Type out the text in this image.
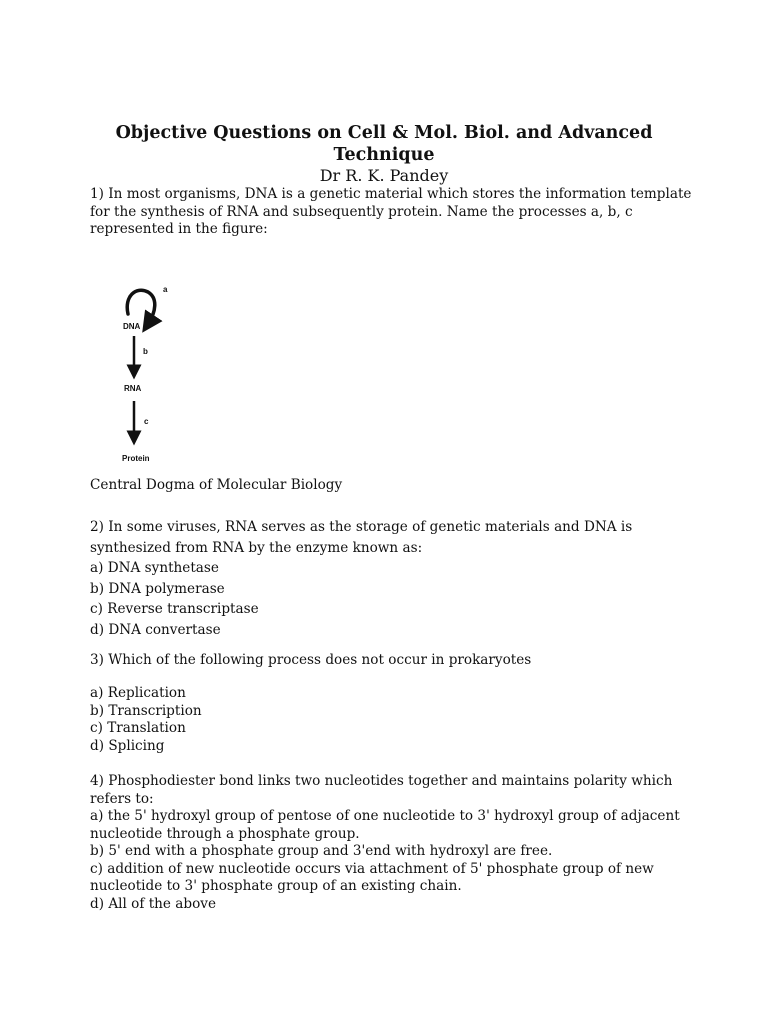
Objective Questions on Cell & Mol. Biol. and Advanced
Technique
Dr R. K. Pandey
1) In most organisms, DNA is a genetic material which stores the information template
for the synthesis of RNA and subsequently protein. Name the processes a, b, c
represented in the figure:
a
DNA
b
RNA
c
Protein
Central Dogma of Molecular Biology
2) In some viruses, RNA serves as the storage of genetic materials and DNA is
synthesized from RNA by the enzyme known as:
a) DNA synthetase
b) DNA polymerase
c) Reverse transcriptase
d) DNA convertase
3) Which of the following process does not occur in prokaryotes
a) Replication
b) Transcription
c) Translation
d) Splicing
4) Phosphodiester bond links two nucleotides together and maintains polarity which
refers to:
a) the 5' hydroxyl group of pentose of one nucleotide to 3' hydroxyl group of adjacent
nucleotide through a phosphate group.
b) 5' end with a phosphate group and 3'end with hydroxyl are free.
c) addition of new nucleotide occurs via attachment of 5' phosphate group of new
nucleotide to 3' phosphate group of an existing chain.
d) All of the above
